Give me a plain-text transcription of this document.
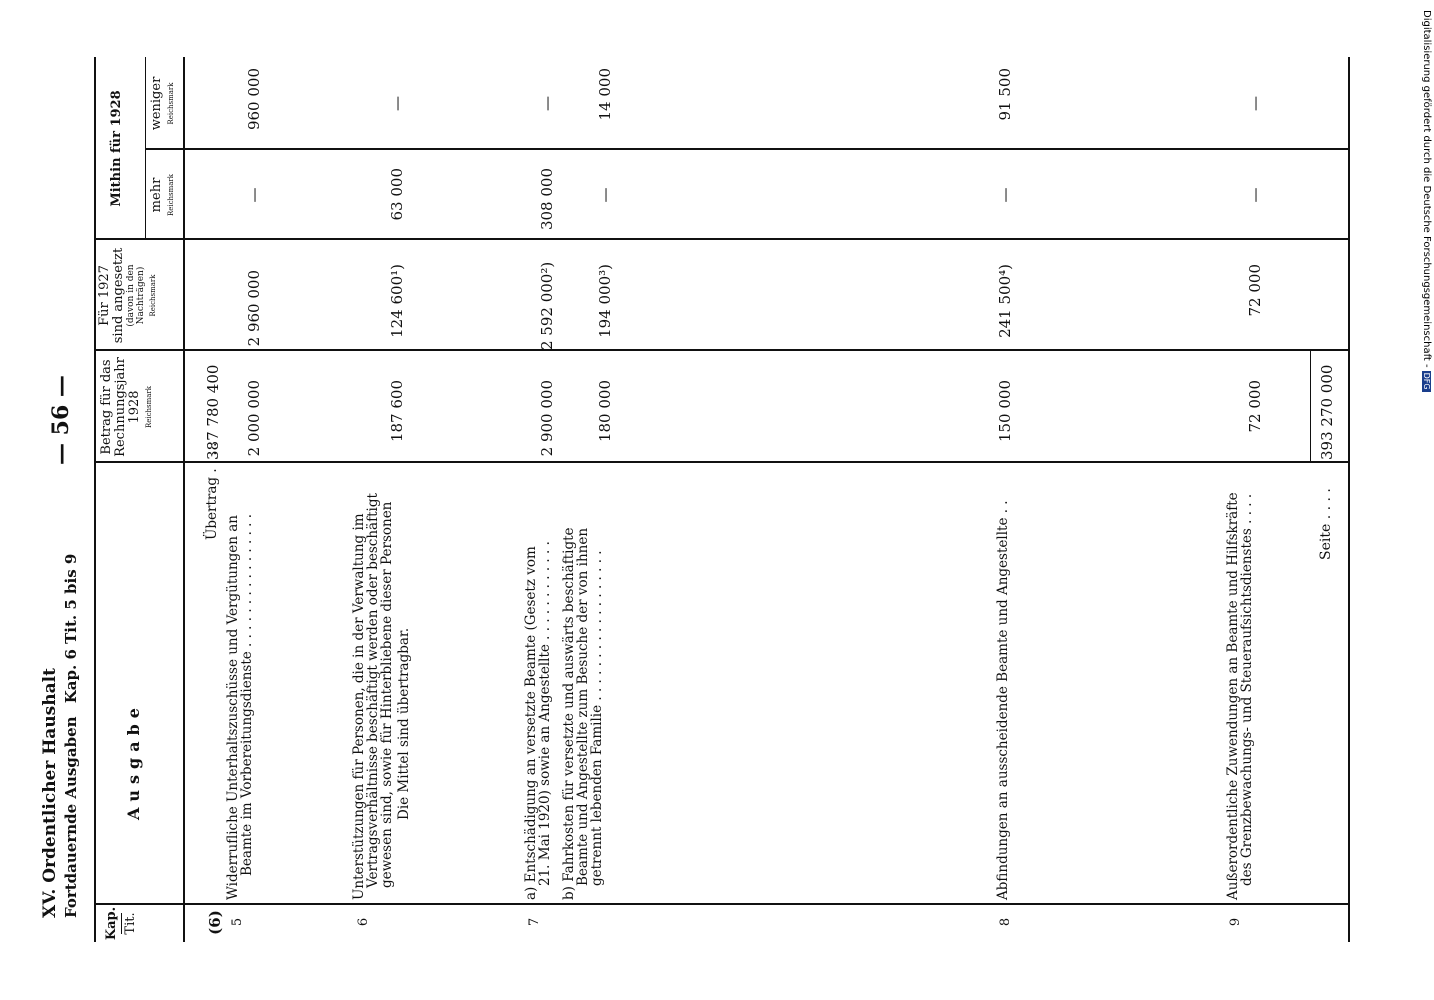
XV. Ordentlicher Haushalt Fortdauernde Ausgaben Kap. 6 Tit. 5 bis 9
— 56 —
Kap. Tit.
Ausgabe
Betrag für das Rechnungsjahr 1928 Reichsmark
Für 1927 sind angesetzt (davon in den Nachträgen) Reichsmark
Mithin für 1928 mehr Reichsmark
weniger Reichsmark
(6)
Übertrag . . . .
387 780 400
5
Widerrufliche Unterhaltszuschüsse und Vergütungen an
Beamte im Vorbereitungsdienste . . . . . . . . . . . . . . . .
2 000 000
2 960 000
—
960 000
6
Unterstützungen für Personen, die in der Verwaltung im
Vertragsverhältnisse beschäftigt werden oder beschäftigt
gewesen sind, sowie für Hinterbliebene dieser Personen Die Mittel sind übertragbar.
187 600
124 600¹)
63 000
—
7
a) Entschädigung an versetzte Beamte (Gesetz vom
21. Mai 1920) sowie an Angestellte . . . . . . . . . . . . b) Fahrkosten für versetzte und auswärts beschäftigte
Beamte und Angestellte zum Besuche der von ihnen
getrennt lebenden Familie . . . . . . . . . . . . . . . . . .
2 900 000
2 592 000²)
308 000
—
180 000
194 000³)
—
14 000
8
Abfindungen an ausscheidende Beamte und Angestellte . .
150 000
241 500⁴)
—
91 500
9
Außerordentliche Zuwendungen an Beamte und Hilfskräfte
des Grenzbewachungs- und Steueraufsichtsdienstes . . . .
72 000
72 000
—
—
Seite . . . .
393 270 000
Digitalisierung gefördert durch die Deutsche Forschungsgemeinschaft -DFG
